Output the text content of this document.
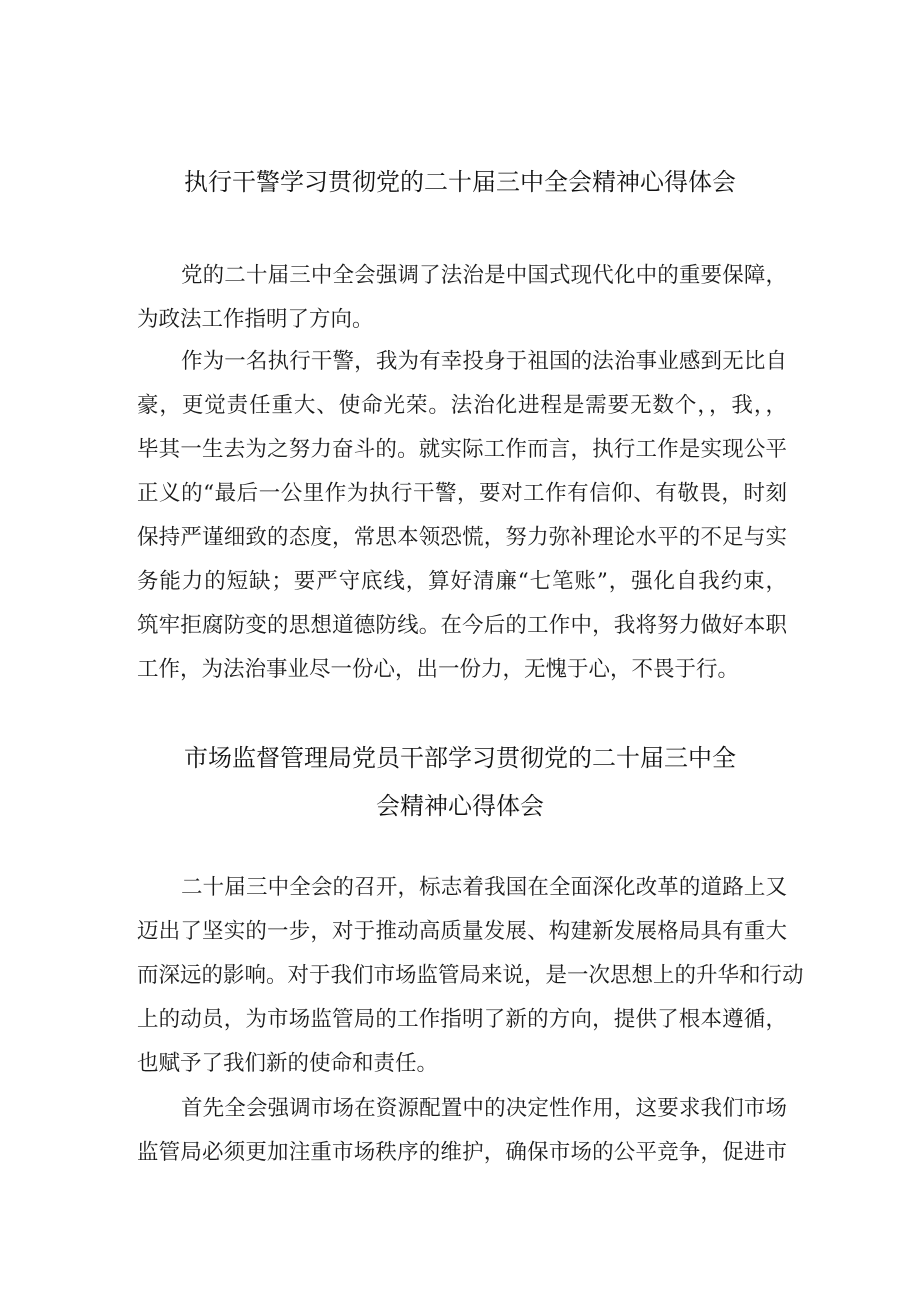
执行干警学习贯彻党的二十届三中全会精神心得体会
党的二十届三中全会强调了法治是中国式现代化中的重要保障，
为政法工作指明了方向。
作为一名执行干警，我为有幸投身于祖国的法治事业感到无比自
豪，更觉责任重大、使命光荣。法治化进程是需要无数个，，我，，
毕其一生去为之努力奋斗的。就实际工作而言，执行工作是实现公平
正义的“最后一公里作为执行干警，要对工作有信仰、有敬畏，时刻
保持严谨细致的态度，常思本领恐慌，努力弥补理论水平的不足与实
务能力的短缺；要严守底线，算好清廉“七笔账”，强化自我约束，
筑牢拒腐防变的思想道德防线。在今后的工作中，我将努力做好本职
工作，为法治事业尽一份心，出一份力，无愧于心，不畏于行。
市场监督管理局党员干部学习贯彻党的二十届三中全
会精神心得体会
二十届三中全会的召开，标志着我国在全面深化改革的道路上又
迈出了坚实的一步，对于推动高质量发展、构建新发展格局具有重大
而深远的影响。对于我们市场监管局来说，是一次思想上的升华和行动
上的动员，为市场监管局的工作指明了新的方向，提供了根本遵循，
也赋予了我们新的使命和责任。
首先全会强调市场在资源配置中的决定性作用，这要求我们市场
监管局必须更加注重市场秩序的维护，确保市场的公平竞争，促进市
